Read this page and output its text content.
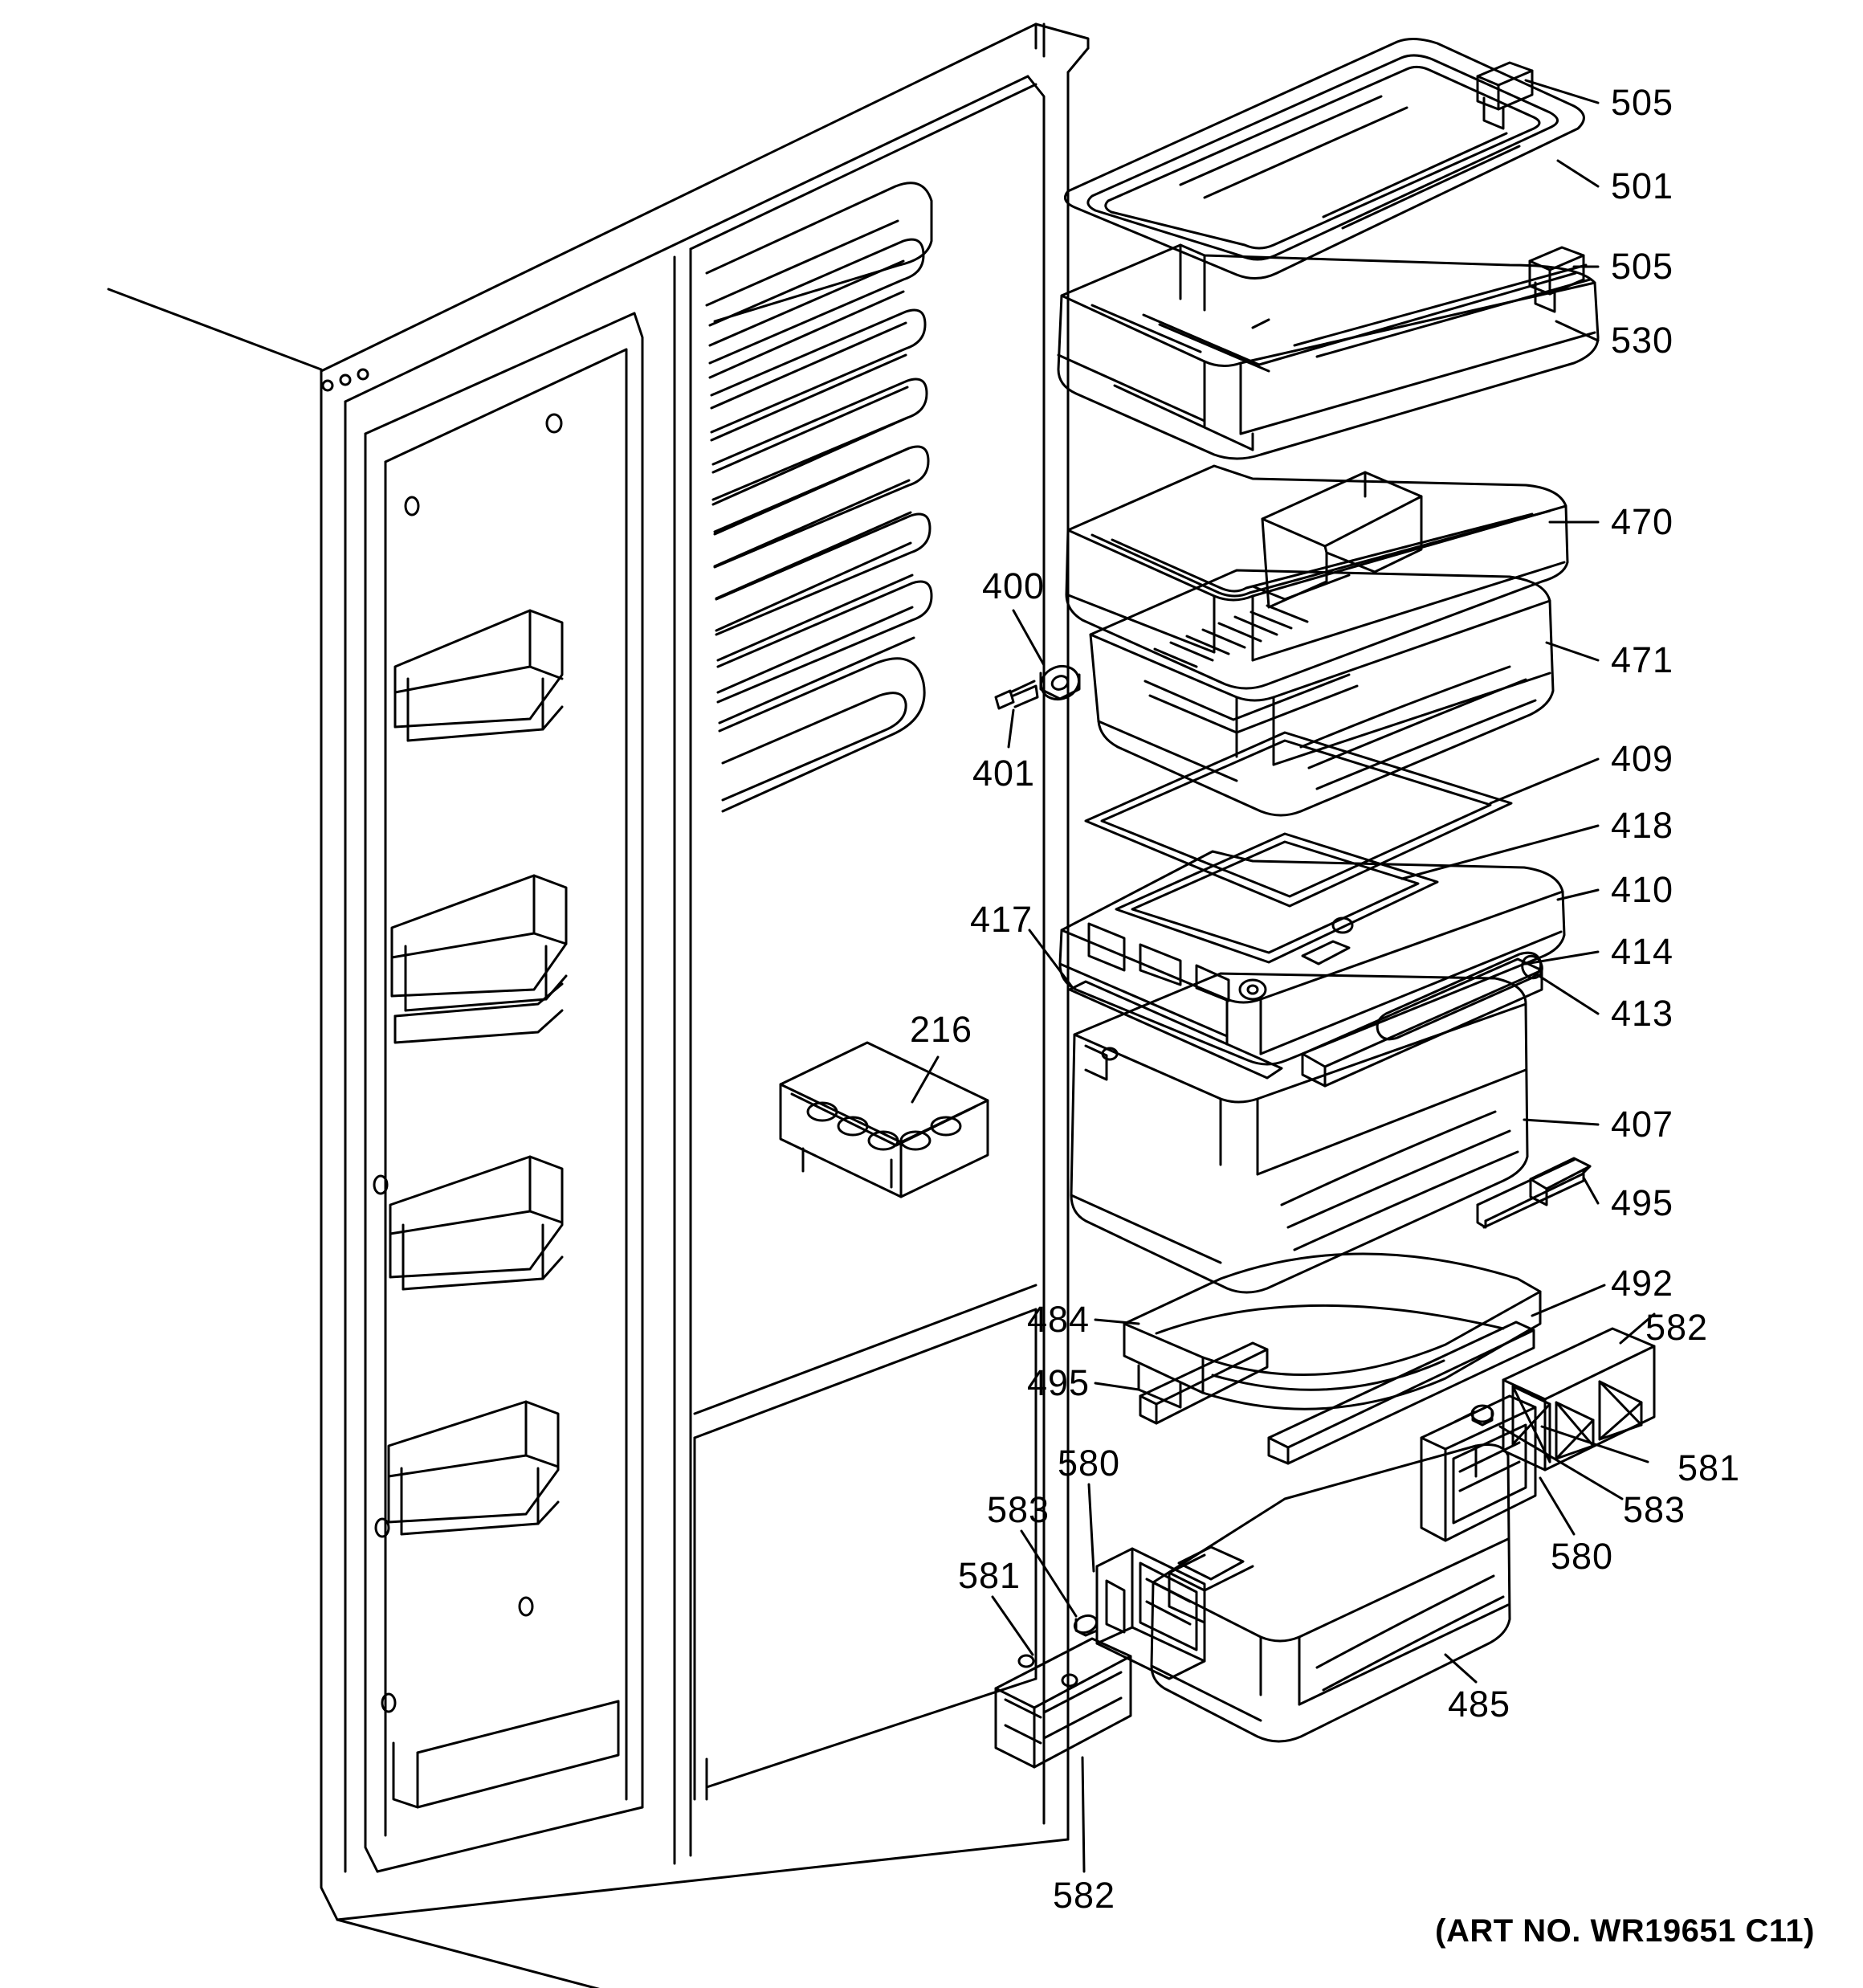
505
501
505
530
470
400
471
401	409
418
410
417
414
413
216
407
495
492
582
484
495
581
580
583
583
580
581
485
582
(ART NO. WR19651 C11)
